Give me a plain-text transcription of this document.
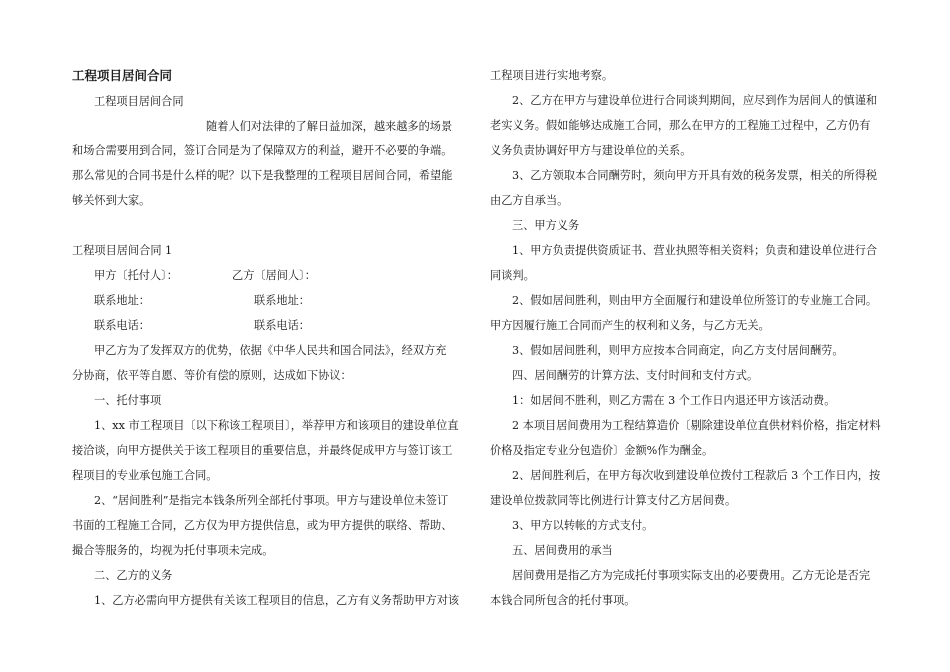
工程项目居间合同
工程项目居间合同
随着人们对法律的了解日益加深，越来越多的场景
和场合需要用到合同，签订合同是为了保障双方的利益，避开不必要的争端。
那么常见的合同书是什么样的呢？以下是我整理的工程项目居间合同，希望能
够关怀到大家。
工程项目居间合同 1
甲方〔托付人〕：	乙方〔居间人〕：
联系地址：	联系地址：
联系电话：	联系电话：
甲乙方为了发挥双方的优势，依据《中华人民共和国合同法》，经双方充
分协商，依平等自愿、等价有偿的原则，达成如下协议：
一、托付事项
1、xx 市工程项目〔以下称该工程项目〕，举荐甲方和该项目的建设单位直
接洽谈，向甲方提供关于该工程项目的重要信息，并最终促成甲方与签订该工
程项目的专业承包施工合同。
2、“居间胜利”是指完本钱条所列全部托付事项。甲方与建设单位未签订
书面的工程施工合同，乙方仅为甲方提供信息，或为甲方提供的联络、帮助、
撮合等服务的，均视为托付事项未完成。
二、乙方的义务
1、乙方必需向甲方提供有关该工程项目的信息，乙方有义务帮助甲方对该
工程项目进行实地考察。
2、乙方在甲方与建设单位进行合同谈判期间，应尽到作为居间人的慎谨和
老实义务。假如能够达成施工合同，那么在甲方的工程施工过程中，乙方仍有
义务负责协调好甲方与建设单位的关系。
3、乙方领取本合同酬劳时，须向甲方开具有效的税务发票，相关的所得税
由乙方自承当。
三、甲方义务
1、甲方负责提供资质证书、营业执照等相关资料；负责和建设单位进行合
同谈判。
2、假如居间胜利，则由甲方全面履行和建设单位所签订的专业施工合同。
甲方因履行施工合同而产生的权利和义务，与乙方无关。
3、假如居间胜利，则甲方应按本合同商定，向乙方支付居间酬劳。
四、居间酬劳的计算方法、支付时间和支付方式。
1：如居间不胜利，则乙方需在 3 个工作日内退还甲方该活动费。
2 本项目居间费用为工程结算造价〔剔除建设单位直供材料价格，指定材料
价格及指定专业分包造价〕金额%作为酬金。
2、居间胜利后，在甲方每次收到建设单位拨付工程款后 3 个工作日内，按
建设单位拨款同等比例进行计算支付乙方居间费。
3、甲方以转帐的方式支付。
五、居间费用的承当
居间费用是指乙方为完成托付事项实际支出的必要费用。乙方无论是否完
本钱合同所包含的托付事项。
